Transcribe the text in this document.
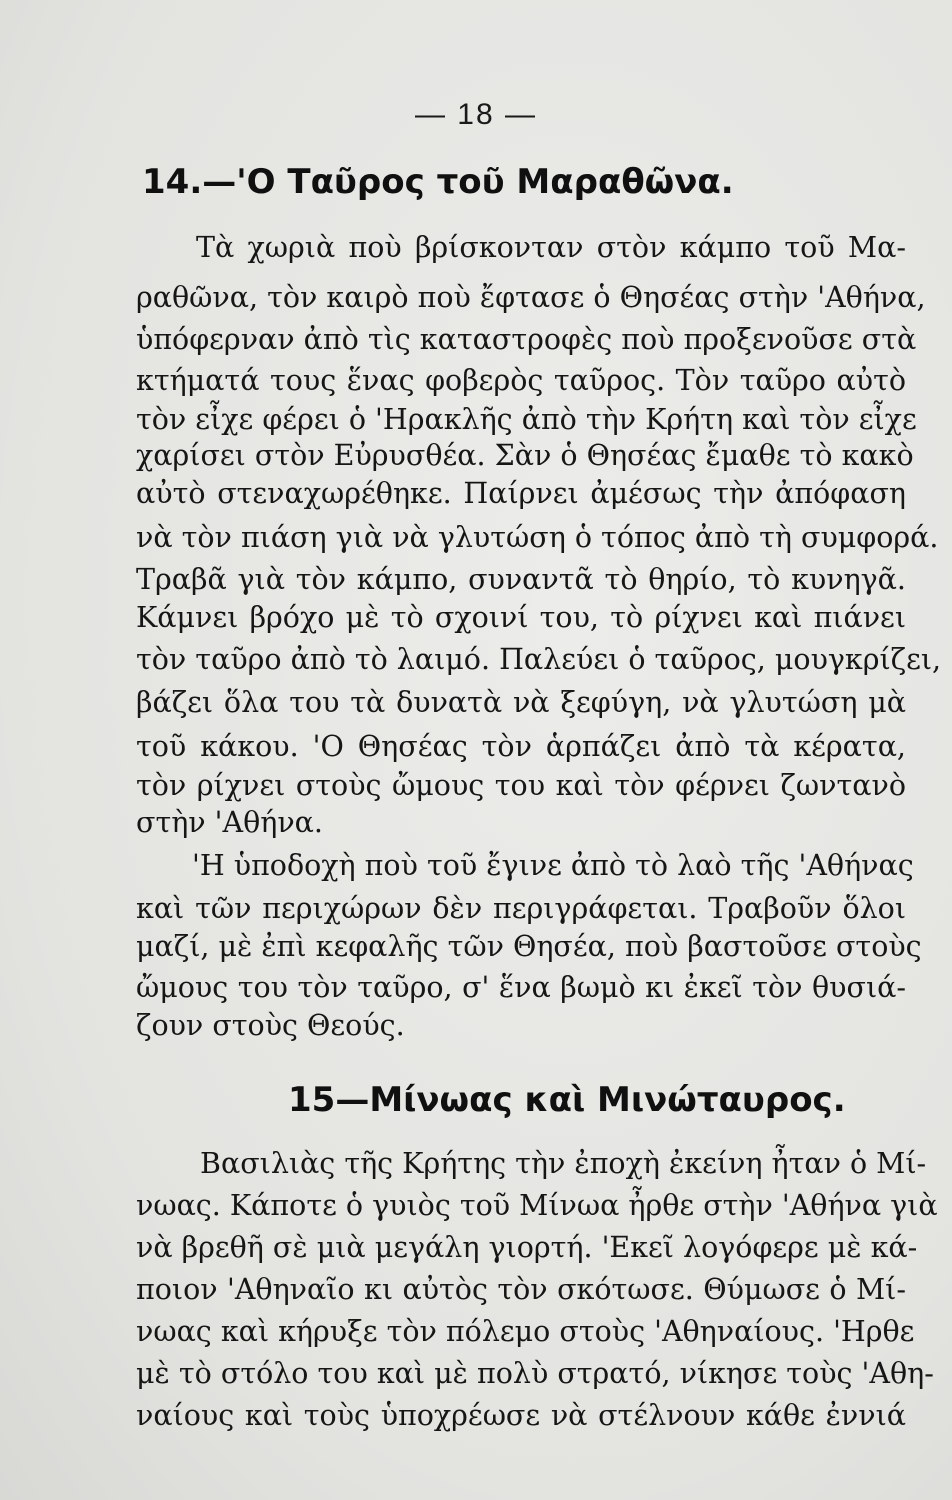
— 18 —
14.—'Ο Ταῦρος τοῦ Μαραθῶνα.
Τὰ χωριὰ ποὺ βρίσκονταν στὸν κάμπο τοῦ Μα-
ραθῶνα, τὸν καιρὸ ποὺ ἔφτασε ὁ Θησέας στὴν 'Αθήνα,
ὑπόφερναν ἀπὸ τὶς καταστροφὲς ποὺ προξενοῦσε στὰ
κτήματά τους ἕνας φοβερὸς ταῦρος. Τὸν ταῦρο αὐτὸ
τὸν εἶχε φέρει ὁ 'Ηρακλῆς ἀπὸ τὴν Κρήτη καὶ τὸν εἶχε
χαρίσει στὸν Εὐρυσθέα. Σὰν ὁ Θησέας ἔμαθε τὸ κακὸ
αὐτὸ στεναχωρέθηκε. Παίρνει ἀμέσως τὴν ἀπόφαση
νὰ τὸν πιάση γιὰ νὰ γλυτώση ὁ τόπος ἀπὸ τὴ συμφορά.
Τραβᾶ γιὰ τὸν κάμπο, συναντᾶ τὸ θηρίο, τὸ κυνηγᾶ.
Κάμνει βρόχο μὲ τὸ σχοινί του, τὸ ρίχνει καὶ πιάνει
τὸν ταῦρο ἀπὸ τὸ λαιμό. Παλεύει ὁ ταῦρος, μουγκρίζει,
βάζει ὅλα του τὰ δυνατὰ νὰ ξεφύγη, νὰ γλυτώση μὰ
τοῦ κάκου. 'Ο Θησέας τὸν ἁρπάζει ἀπὸ τὰ κέρατα,
τὸν ρίχνει στοὺς ὤμους του καὶ τὸν φέρνει ζωντανὸ
στὴν 'Αθήνα.
'Η ὑποδοχὴ ποὺ τοῦ ἔγινε ἀπὸ τὸ λαὸ τῆς 'Αθήνας
καὶ τῶν περιχώρων δὲν περιγράφεται. Τραβοῦν ὅλοι
μαζί, μὲ ἐπὶ κεφαλῆς τῶν Θησέα, ποὺ βαστοῦσε στοὺς
ὤμους του τὸν ταῦρο, σ' ἕνα βωμὸ κι ἐκεῖ τὸν θυσιά-
ζουν στοὺς Θεούς.
15—Μίνωας καὶ Μινώταυρος.
Βασιλιὰς τῆς Κρήτης τὴν ἐποχὴ ἐκείνη ἦταν ὁ Μί-
νωας. Κάποτε ὁ γυιὸς τοῦ Μίνωα ἦρθε στὴν 'Αθήνα γιὰ
νὰ βρεθῆ σὲ μιὰ μεγάλη γιορτή. 'Εκεῖ λογόφερε μὲ κά-
ποιον 'Αθηναῖο κι αὐτὸς τὸν σκότωσε. Θύμωσε ὁ Μί-
νωας καὶ κήρυξε τὸν πόλεμο στοὺς 'Αθηναίους. 'Ηρθε
μὲ τὸ στόλο του καὶ μὲ πολὺ στρατό, νίκησε τοὺς 'Αθη-
ναίους καὶ τοὺς ὑποχρέωσε νὰ στέλνουν κάθε ἐννιά
